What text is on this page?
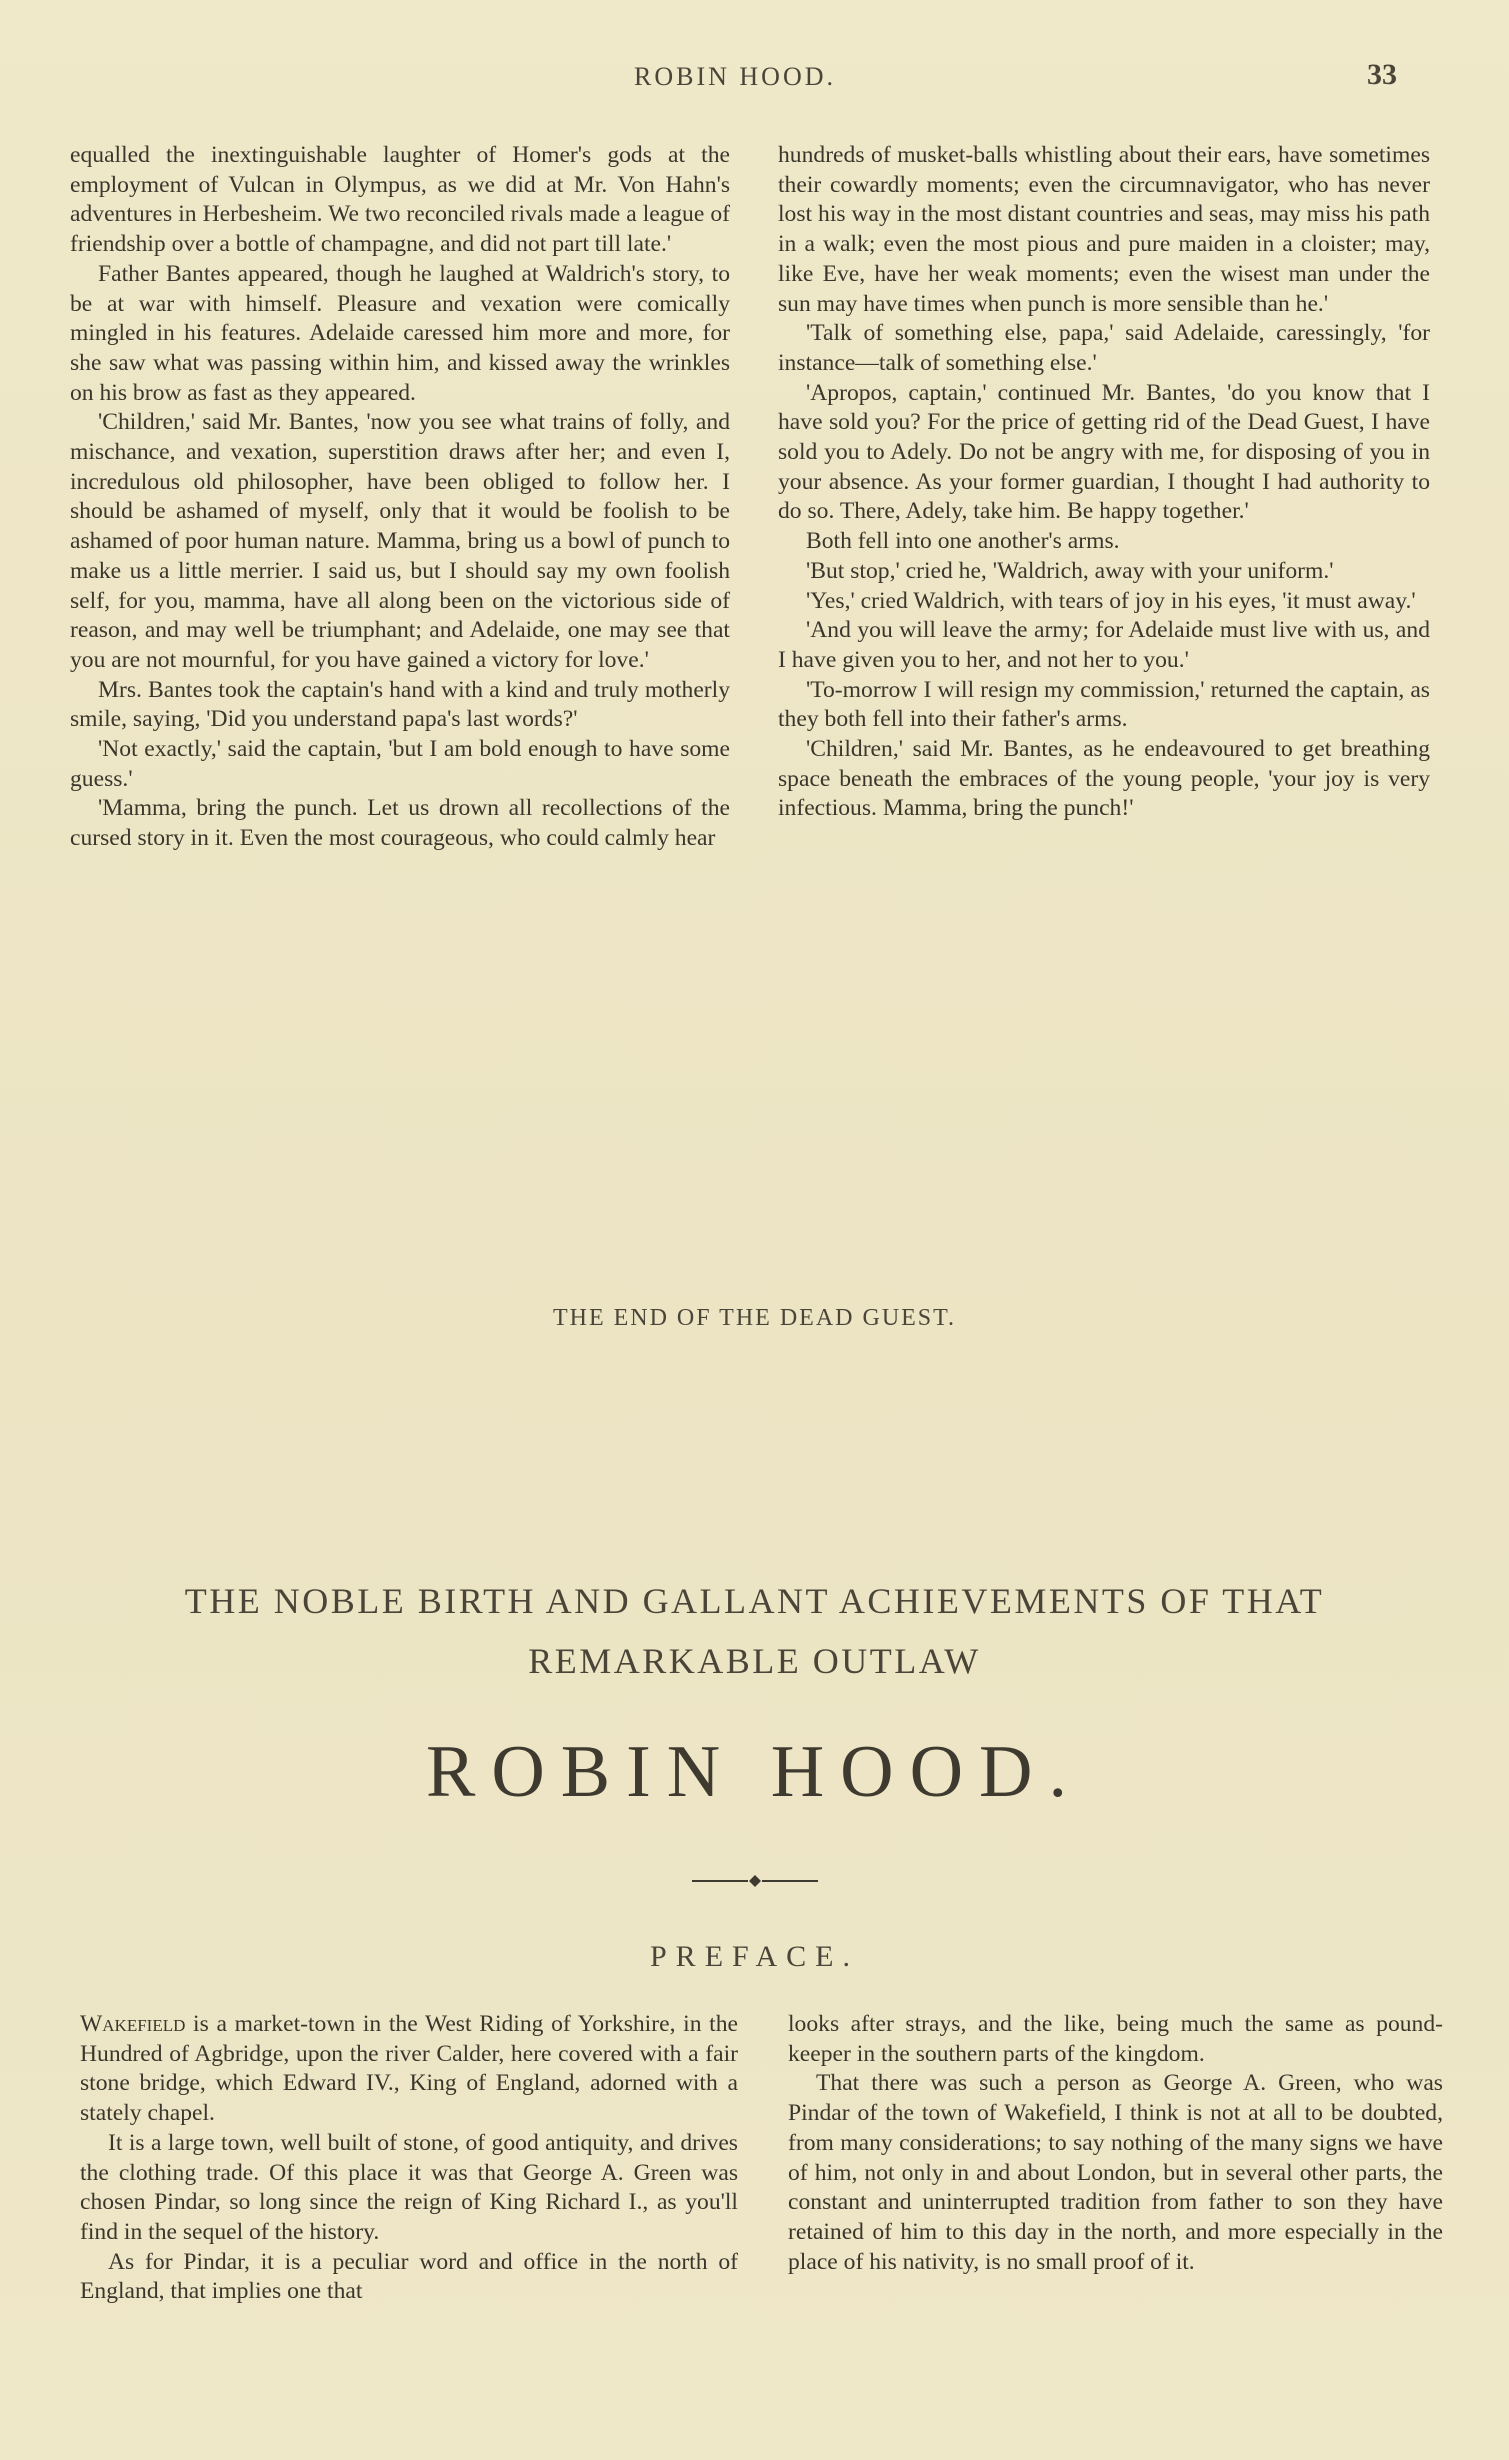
ROBIN HOOD.	33

equalled the inextinguishable laughter of Homer's gods at the employment of Vulcan in Olympus, as we did at Mr. Von Hahn's adventures in Herbesheim. We two reconciled rivals made a league of friendship over a bottle of champagne, and did not part till late.'

Father Bantes appeared, though he laughed at Waldrich's story, to be at war with himself. Pleasure and vexation were comically mingled in his features. Adelaide caressed him more and more, for she saw what was passing within him, and kissed away the wrinkles on his brow as fast as they appeared.

'Children,' said Mr. Bantes, 'now you see what trains of folly, and mischance, and vexation, superstition draws after her; and even I, incredulous old philosopher, have been obliged to follow her. I should be ashamed of myself, only that it would be foolish to be ashamed of poor human nature. Mamma, bring us a bowl of punch to make us a little merrier. I said us, but I should say my own foolish self, for you, mamma, have all along been on the victorious side of reason, and may well be triumphant; and Adelaide, one may see that you are not mournful, for you have gained a victory for love.'

Mrs. Bantes took the captain's hand with a kind and truly motherly smile, saying, 'Did you understand papa's last words?'

'Not exactly,' said the captain, 'but I am bold enough to have some guess.'

'Mamma, bring the punch. Let us drown all recollections of the cursed story in it. Even the most courageous, who could calmly hear

hundreds of musket-balls whistling about their ears, have sometimes their cowardly moments; even the circumnavigator, who has never lost his way in the most distant countries and seas, may miss his path in a walk; even the most pious and pure maiden in a cloister; may, like Eve, have her weak moments; even the wisest man under the sun may have times when punch is more sensible than he.'

'Talk of something else, papa,' said Adelaide, caressingly, 'for instance—talk of something else.'

'Apropos, captain,' continued Mr. Bantes, 'do you know that I have sold you? For the price of getting rid of the Dead Guest, I have sold you to Adely. Do not be angry with me, for disposing of you in your absence. As your former guardian, I thought I had authority to do so. There, Adely, take him. Be happy together.'

Both fell into one another's arms.

'But stop,' cried he, 'Waldrich, away with your uniform.'

'Yes,' cried Waldrich, with tears of joy in his eyes, 'it must away.'

'And you will leave the army; for Adelaide must live with us, and I have given you to her, and not her to you.'

'To-morrow I will resign my commission,' returned the captain, as they both fell into their father's arms.

'Children,' said Mr. Bantes, as he endeavoured to get breathing space beneath the embraces of the young people, 'your joy is very infectious. Mamma, bring the punch!'

THE END OF THE DEAD GUEST.
THE NOBLE BIRTH AND GALLANT ACHIEVEMENTS OF THAT
REMARKABLE OUTLAW
ROBIN HOOD.
PREFACE.

Wakefield is a market-town in the West Riding of Yorkshire, in the Hundred of Agbridge, upon the river Calder, here covered with a fair stone bridge, which Edward IV., King of England, adorned with a stately chapel.

It is a large town, well built of stone, of good antiquity, and drives the clothing trade. Of this place it was that George A. Green was chosen Pindar, so long since the reign of King Richard I., as you'll find in the sequel of the history.

As for Pindar, it is a peculiar word and office in the north of England, that implies one that

looks after strays, and the like, being much the same as pound-keeper in the southern parts of the kingdom.

That there was such a person as George A. Green, who was Pindar of the town of Wakefield, I think is not at all to be doubted, from many considerations; to say nothing of the many signs we have of him, not only in and about London, but in several other parts, the constant and uninterrupted tradition from father to son they have retained of him to this day in the north, and more especially in the place of his nativity, is no small proof of it.
